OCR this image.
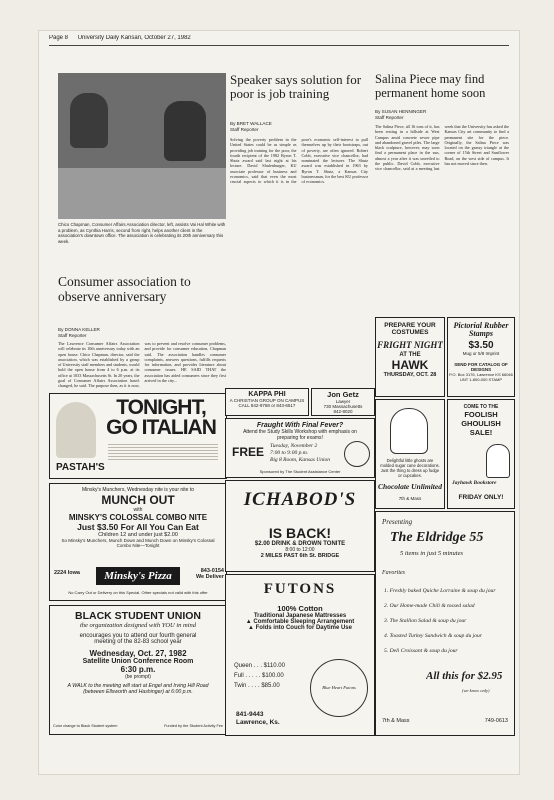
Page 8 University Daily Kansan, October 27, 1982
Chico Chapman, Consumer Affairs Association director, left, assists Vai Hal White with a problem, as Cynthia Harris, second from right, helps another client in the association's downtown office. The association is celebrating its 20th anniversary this week.
Consumer association to observe anniversary
By DONNA KELLER
Staff Reporter
The Lawrence Consumer Affairs Association will celebrate its 10th anniversary today with an open house. Chico Chapman, director, said the association, which was established by a group of University staff members and students, would hold the open house from 4 to 6 p.m. at its office at 1033 Massachusetts St. In 20 years, the goal of Consumer Affairs Association hasn't changed, he said. The purpose then, as it is now, was to prevent and resolve consumer problems, and provide for consumer education, Chapman said. The association handles consumer complaints, answers questions, fulfills requests for information, and provides literature about consumer issues. HE SAID THAT the association has aided consumers since they first arrived in the city...
TONIGHT,
GO ITALIAN
PASTAH'S
Minsky's Munchers, Wednesday nite is your nite to
MUNCH OUT
with
MINSKY'S COLOSSAL COMBO NITE
Just $3.50 For All You Can Eat
Children 12 and under just $2.00
So Minsky's Munchers, Munch Down and Munch Down on Minsky's Colossal Combo Nite—Tonight
2224 Iowa	Minsky's Pizza	843-0154
We Deliver
No Carry Out or Delivery on this Special. Other specials not valid with this offer
BLACK STUDENT UNION
the organization designed with YOU in mind
encourages you to attend our fourth general meeting of the 82-83 school year
Wednesday, Oct. 27, 1982
Satellite Union Conference Room
6:30 p.m.
(be prompt)
A WALK to the meeting will start at Engel and Irving Hill Road (between Ellsworth and Hashinger) at 6:00 p.m.
Color change to Black Student system	Funded by the Student Activity Fee
Speaker says solution for poor is job training
By BRET WALLACE
Staff Reporter
Solving the poverty problem in the United States could be as simple as providing job training for the poor, the fourth recipient of the 1982 Byron T. Shutz award said last night at his lecture. David Shulenburger, KU associate professor of business and economics, said that even the most crucial aspects to which it is in the poor's economic self-interest to pull themselves up by their bootstraps, out of poverty, are often ignored. Robert Cobb, executive vice chancellor, had nominated the lecturer. The Shutz award was established in 1963 by Byron T. Shutz, a Kansas City businessman, for the best KU professor of economics.
KAPPA PHI
A CHRISTIAN GROUP ON CAMPUS
CALL 842-9768 or 843-6517
Jon Getz
Lawyer
730 Massachusetts
842-8020
Fraught With Final Fever?
Attend the Study Skills Workshop with emphasis on preparing for exams!
FREE Tuesday, November 2
7:00 to 9:00 p.m.
Big 8 Room, Kansas Union
Sponsored by The Student Assistance Center
ICHABOD'S
IS BACK!
$2.00 DRINK & DROWN TONITE
8:00 to 12:00
2 MILES PAST 6th St. BRIDGE
FUTONS
100% Cotton
Traditional Japanese Mattresses
▲ Comfortable Sleeping Arrangement
▲ Folds into Couch for Daytime Use
Queen . . . $110.00
Full . . . . . $100.00
Twin . . . . $85.00	Blue Heart Futons
841-9443
Lawrence, Ks.
Salina Piece may find permanent home soon
By SUSAN HENNINGER
Staff Reporter
The Salina Piece, all 16 tons of it, has been resting in a hillside at West Campus amid concrete sewer pipe and abandoned gravel piles. The large black sculpture, however, may soon find a permanent place in the sun, almost a year after it was unveiled to the public. David Cobb, executive vice chancellor, said at a meeting last week that the University has asked the Kansas City art community to find a permanent site for the piece. Originally, the Salina Piece was located on the grassy triangle at the corner of 15th Street and Sunflower Road, on the west side of campus. It has not moved since then.
PREPARE YOUR
COSTUMES
FRIGHT NIGHT
AT THE
HAWK
THURSDAY, OCT. 28
Pictorial Rubber Stamps
$3.50
Mug or 5/8 Imprint
SEND FOR CATALOG OF DESIGNS
P.O. Box 3176, Lawrence KS 66046
UNT 1-800-000 STAMP
Delightful little ghosts are molded sugar cane decorations. Just the thing to dress up fudge or cupcakes.
Chocolate Unlimited
7th & Mass
COME TO THE
FOOLISH
GHOULISH
SALE!
Jayhawk Bookstore
FRIDAY ONLY!
Presenting
The Eldridge 55
5 items in just 5 minutes
Favorites
1. Freshly baked Quiche Lorraine & soup du jour
2. Our Home-made Chili & tossed salad
3. The Stallion Salad & soup du jour
4. Toasted Turkey Sandwich & soup du jour
5. Deli Croissant & soup du jour
All this for $2.95
(we know only)
7th & Mass	749-0613
